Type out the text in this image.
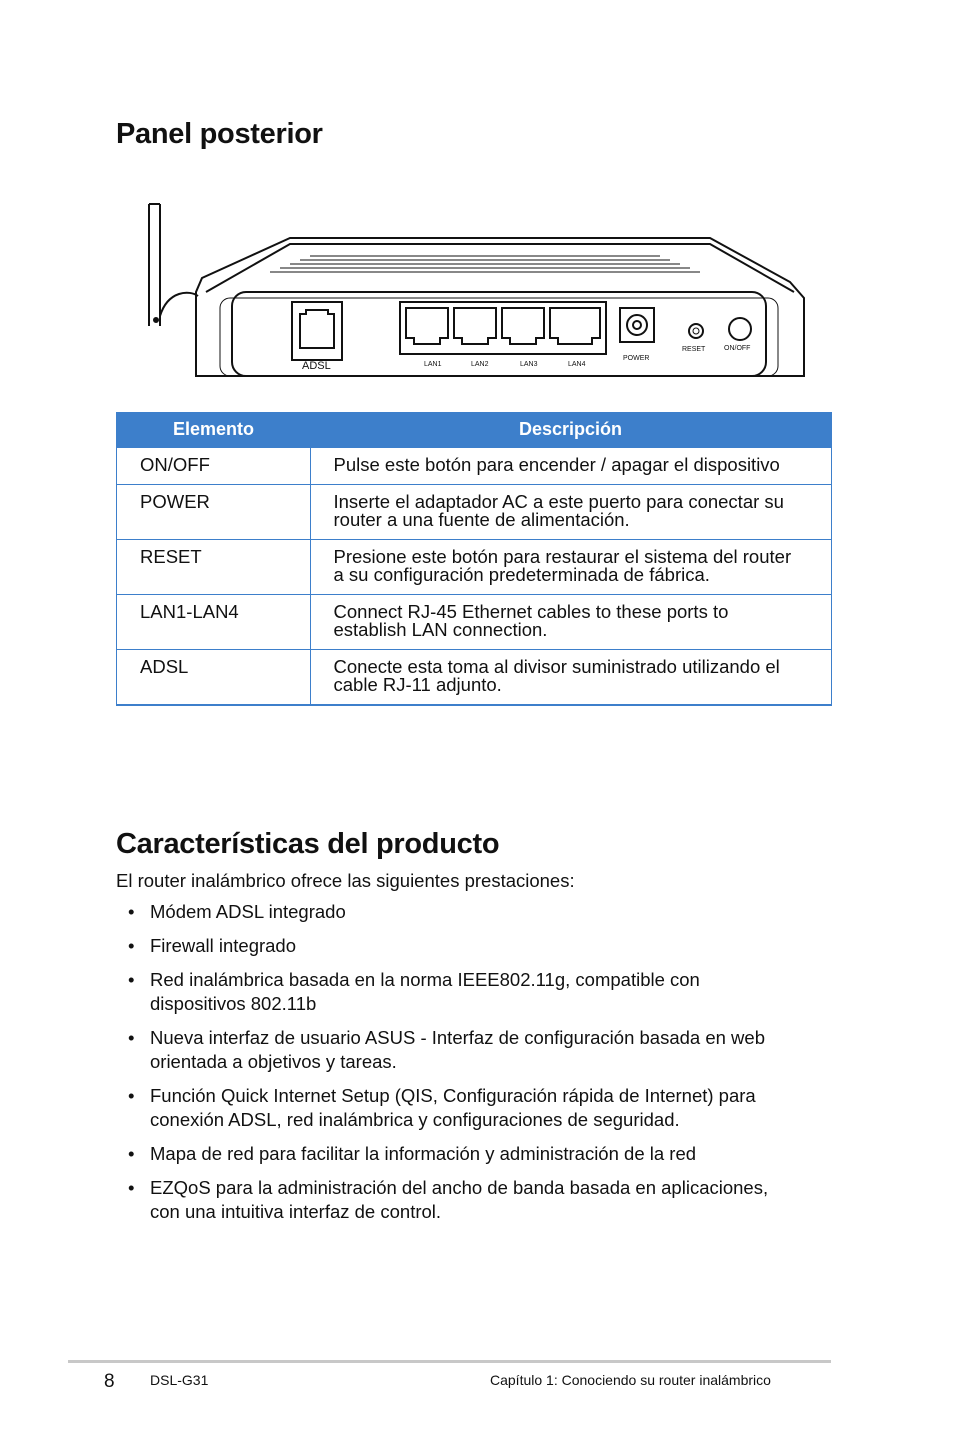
Panel posterior
ADSL	LAN1	LAN2	LAN3	LAN4
POWER
RESET	ON/OFF
Elemento	Descripción
ON/OFF	Pulse este botón para encender / apagar el dispositivo
POWER	Inserte el adaptador AC a este puerto para conectar su
router a una fuente de alimentación.
RESET	Presione este botón para restaurar el sistema del router
a su configuración predeterminada de fábrica.
LAN1-LAN4	Connect RJ-45 Ethernet cables to these ports to
establish LAN connection.
ADSL	Conecte esta toma al divisor suministrado utilizando el
cable RJ-11 adjunto.
Características del producto

El router inalámbrico ofrece las siguientes prestaciones:

• Módem ADSL integrado
• Firewall integrado
• Red inalámbrica basada en la norma IEEE802.11g, compatible con
dispositivos 802.11b
• Nueva interfaz de usuario ASUS - Interfaz de configuración basada en web
orientada a objetivos y tareas.
• Función Quick Internet Setup (QIS, Configuración rápida de Internet) para
conexión ADSL, red inalámbrica y configuraciones de seguridad.
• Mapa de red para facilitar la información y administración de la red
• EZQoS para la administración del ancho de banda basada en aplicaciones,
con una intuitiva interfaz de control.
8	DSL-G31	Capítulo 1: Conociendo su router inalámbrico
